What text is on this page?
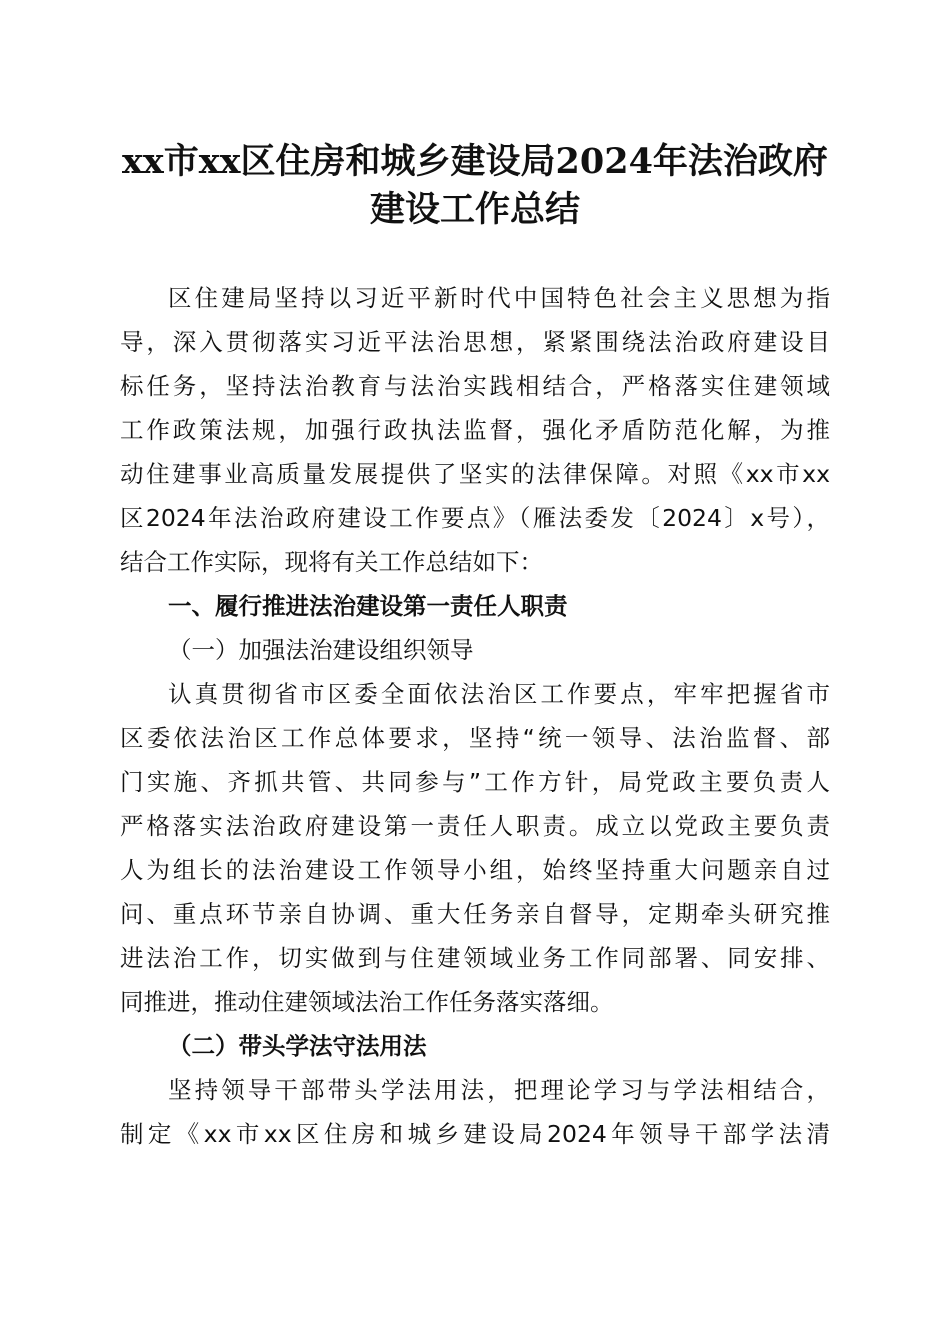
xx市xx区住房和城乡建设局2024年法治政府
建设工作总结
区住建局坚持以习近平新时代中国特色社会主义思想为指
导，深入贯彻落实习近平法治思想，紧紧围绕法治政府建设目
标任务，坚持法治教育与法治实践相结合，严格落实住建领域
工作政策法规，加强行政执法监督，强化矛盾防范化解，为推
动住建事业高质量发展提供了坚实的法律保障。对照《xx市xx
区2024年法治政府建设工作要点》（雁法委发〔2024〕x号），
结合工作实际，现将有关工作总结如下：
一、履行推进法治建设第一责任人职责
（一）加强法治建设组织领导
认真贯彻省市区委全面依法治区工作要点，牢牢把握省市
区委依法治区工作总体要求，坚持“统一领导、法治监督、部
门实施、齐抓共管、共同参与”工作方针，局党政主要负责人
严格落实法治政府建设第一责任人职责。成立以党政主要负责
人为组长的法治建设工作领导小组，始终坚持重大问题亲自过
问、重点环节亲自协调、重大任务亲自督导，定期牵头研究推
进法治工作，切实做到与住建领域业务工作同部署、同安排、
同推进，推动住建领域法治工作任务落实落细。
（二）带头学法守法用法
坚持领导干部带头学法用法，把理论学习与学法相结合，
制定《xx市xx区住房和城乡建设局2024年领导干部学法清
